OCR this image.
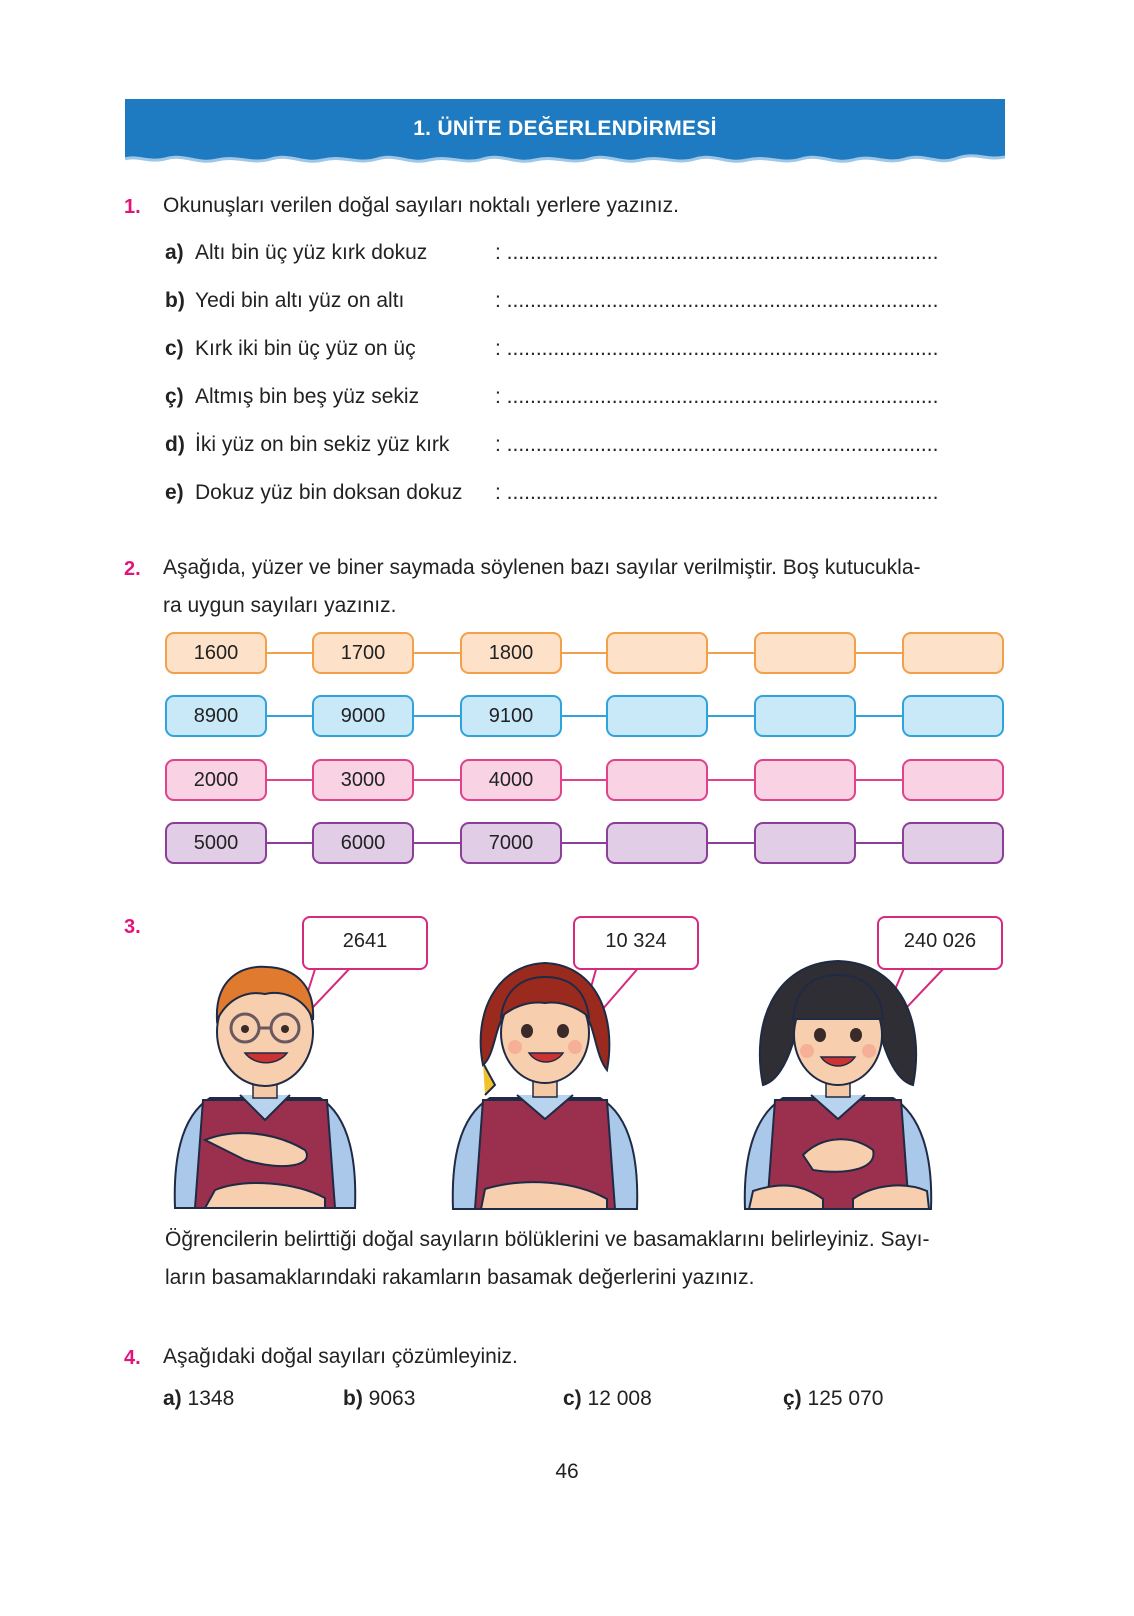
1. ÜNİTE DEĞERLENDİRMESİ
1. Okunuşları verilen doğal sayıları noktalı yerlere yazınız.
a) Altı bin üç yüz kırk dokuz	: ..........................................................................
b) Yedi bin altı yüz on altı	: ..........................................................................
c) Kırk iki bin üç yüz on üç	: ..........................................................................
ç) Altmış bin beş yüz sekiz	: ..........................................................................
d) İki yüz on bin sekiz yüz kırk : ..........................................................................
e) Dokuz yüz bin doksan dokuz : ..........................................................................
2. Aşağıda, yüzer ve biner saymada söylenen bazı sayılar verilmiştir. Boş kutucukla-
ra uygun sayıları yazınız.
1600	1700	1800
8900	9000	9100
2000	3000	4000
5000	6000	7000
3.
2641	10 324	240 026
Öğrencilerin belirttiği doğal sayıların bölüklerini ve basamaklarını belirleyiniz. Sayı-
ların basamaklarındaki rakamların basamak değerlerini yazınız.
4. Aşağıdaki doğal sayıları çözümleyiniz.
a) 1348	b) 9063	c) 12 008	ç) 125 070
46
